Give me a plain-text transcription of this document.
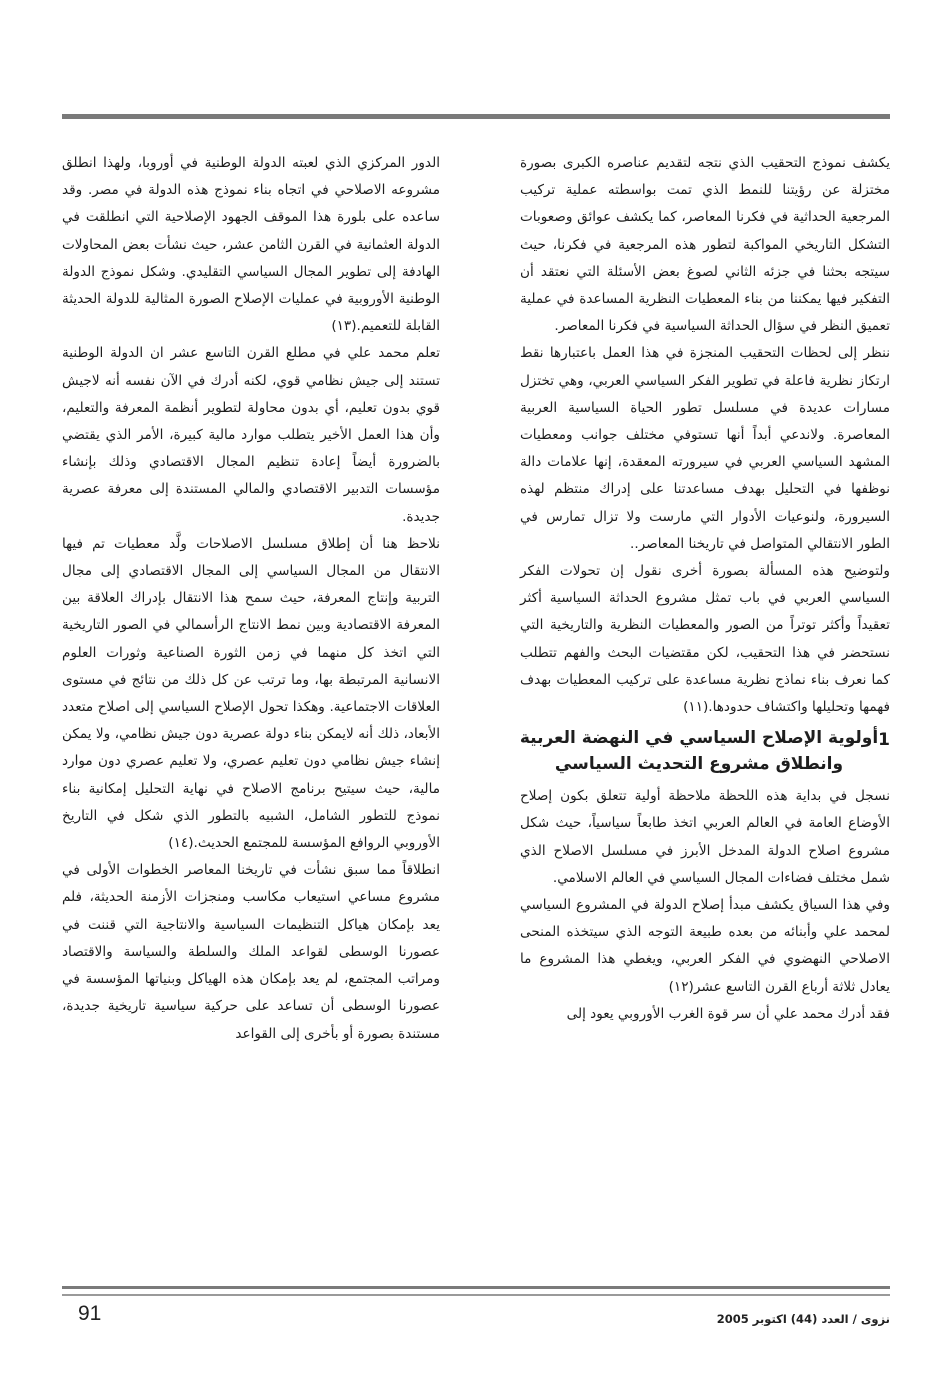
يكشف نموذج التحقيب الذي نتجه لتقديم عناصره الكبرى بصورة مختزلة عن رؤيتنا للنمط الذي تمت بواسطته عملية تركيب المرجعية الحداثية في فكرنا المعاصر، كما يكشف عوائق وصعوبات التشكل التاريخي المواكبة لتطور هذه المرجعية في فكرنا، حيث سيتجه بحثنا في جزئه الثاني لصوغ بعض الأسئلة التي نعتقد أن التفكير فيها يمكننا من بناء المعطيات النظرية المساعدة في عملية تعميق النظر في سؤال الحداثة السياسية في فكرنا المعاصر.

ننظر إلى لحظات التحقيب المنجزة في هذا العمل باعتبارها نقط ارتكاز نظرية فاعلة في تطوير الفكر السياسي العربي، وهي تختزل مسارات عديدة في مسلسل تطور الحياة السياسية العربية المعاصرة. ولاندعي أبداً أنها تستوفي مختلف جوانب ومعطيات المشهد السياسي العربي في سيرورته المعقدة، إنها علامات دالة نوظفها في التحليل بهدف مساعدتنا على إدراك منتظم لهذه السيرورة، ولنوعيات الأدوار التي مارست ولا تزال تمارس في الطور الانتقالي المتواصل في تاريخنا المعاصر..

ولتوضيح هذه المسألة بصورة أخرى نقول إن تحولات الفكر السياسي العربي في باب تمثل مشروع الحداثة السياسية أكثر تعقيداً وأكثر توتراً من الصور والمعطيات النظرية والتاريخية التي نستحضر في هذا التحقيب، لكن مقتضيات البحث والفهم تتطلب كما نعرف بناء نماذج نظرية مساعدة على تركيب المعطيات بهدف فهمها وتحليلها واكتشاف حدودها.(١١)

1
أولوية الإصلاح السياسي في النهضة العربية
وانطلاق مشروع التحديث السياسي

نسجل في بداية هذه اللحظة ملاحظة أولية تتعلق بكون إصلاح الأوضاع العامة في العالم العربي اتخذ طابعاً سياسياً، حيث شكل مشروع اصلاح الدولة المدخل الأبرز في مسلسل الاصلاح الذي شمل مختلف فضاءات المجال السياسي في العالم الاسلامي.

وفي هذا السياق يكشف مبدأ إصلاح الدولة في المشروع السياسي لمحمد علي وأبنائه من بعده طبيعة التوجه الذي سيتخذه المنحى الاصلاحي النهضوي في الفكر العربي، ويغطي هذا المشروع ما يعادل ثلاثة أرباع القرن التاسع عشر(١٢)

فقد أدرك محمد علي أن سر قوة الغرب الأوروبي يعود إلى

الدور المركزي الذي لعبته الدولة الوطنية في أوروبا، ولهذا انطلق مشروعه الاصلاحي في اتجاه بناء نموذج هذه الدولة في مصر. وقد ساعده على بلورة هذا الموقف الجهود الإصلاحية التي انطلقت في الدولة العثمانية في القرن الثامن عشر، حيث نشأت بعض المحاولات الهادفة إلى تطوير المجال السياسي التقليدي. وشكل نموذج الدولة الوطنية الأوروبية في عمليات الإصلاح الصورة المثالية للدولة الحديثة القابلة للتعميم.(١٣)

تعلم محمد علي في مطلع القرن التاسع عشر ان الدولة الوطنية تستند إلى جيش نظامي قوي، لكنه أدرك في الآن نفسه أنه لاجيش قوي بدون تعليم، أي بدون محاولة لتطوير أنظمة المعرفة والتعليم، وأن هذا العمل الأخير يتطلب موارد مالية كبيرة، الأمر الذي يقتضي بالضرورة أيضاً إعادة تنظيم المجال الاقتصادي وذلك بإنشاء مؤسسات التدبير الاقتصادي والمالي المستندة إلى معرفة عصرية جديدة.

نلاحظ هنا أن إطلاق مسلسل الاصلاحات ولَّد معطيات تم فيها الانتقال من المجال السياسي إلى المجال الاقتصادي إلى مجال التربية وإنتاج المعرفة، حيث سمح هذا الانتقال بإدراك العلاقة بين المعرفة الاقتصادية وبين نمط الانتاج الرأسمالي في الصور التاريخية التي اتخذ كل منهما في زمن الثورة الصناعية وثورات العلوم الانسانية المرتبطة بها، وما ترتب عن كل ذلك من نتائج في مستوى العلاقات الاجتماعية. وهكذا تحول الإصلاح السياسي إلى اصلاح متعدد الأبعاد، ذلك أنه لايمكن بناء دولة عصرية دون جيش نظامي، ولا يمكن إنشاء جيش نظامي دون تعليم عصري، ولا تعليم عصري دون موارد مالية، حيث سيتيح برنامج الاصلاح في نهاية التحليل إمكانية بناء نموذج للتطور الشامل، الشبيه بالتطور الذي شكل في التاريخ الأوروبي الروافع المؤسسة للمجتمع الحديث.(١٤)

انطلاقاً مما سبق نشأت في تاريخنا المعاصر الخطوات الأولى في مشروع مساعي استيعاب مكاسب ومنجزات الأزمنة الحديثة، فلم يعد بإمكان هياكل التنظيمات السياسية والانتاجية التي قننت في عصورنا الوسطى لقواعد الملك والسلطة والسياسة والاقتصاد ومراتب المجتمع، لم يعد بإمكان هذه الهياكل وبنياتها المؤسسة في عصورنا الوسطى أن تساعد على حركية سياسية تاريخية جديدة، مستندة بصورة أو بأخرى إلى القواعد

91	نزوى / العدد (44) اكتوبر 2005
